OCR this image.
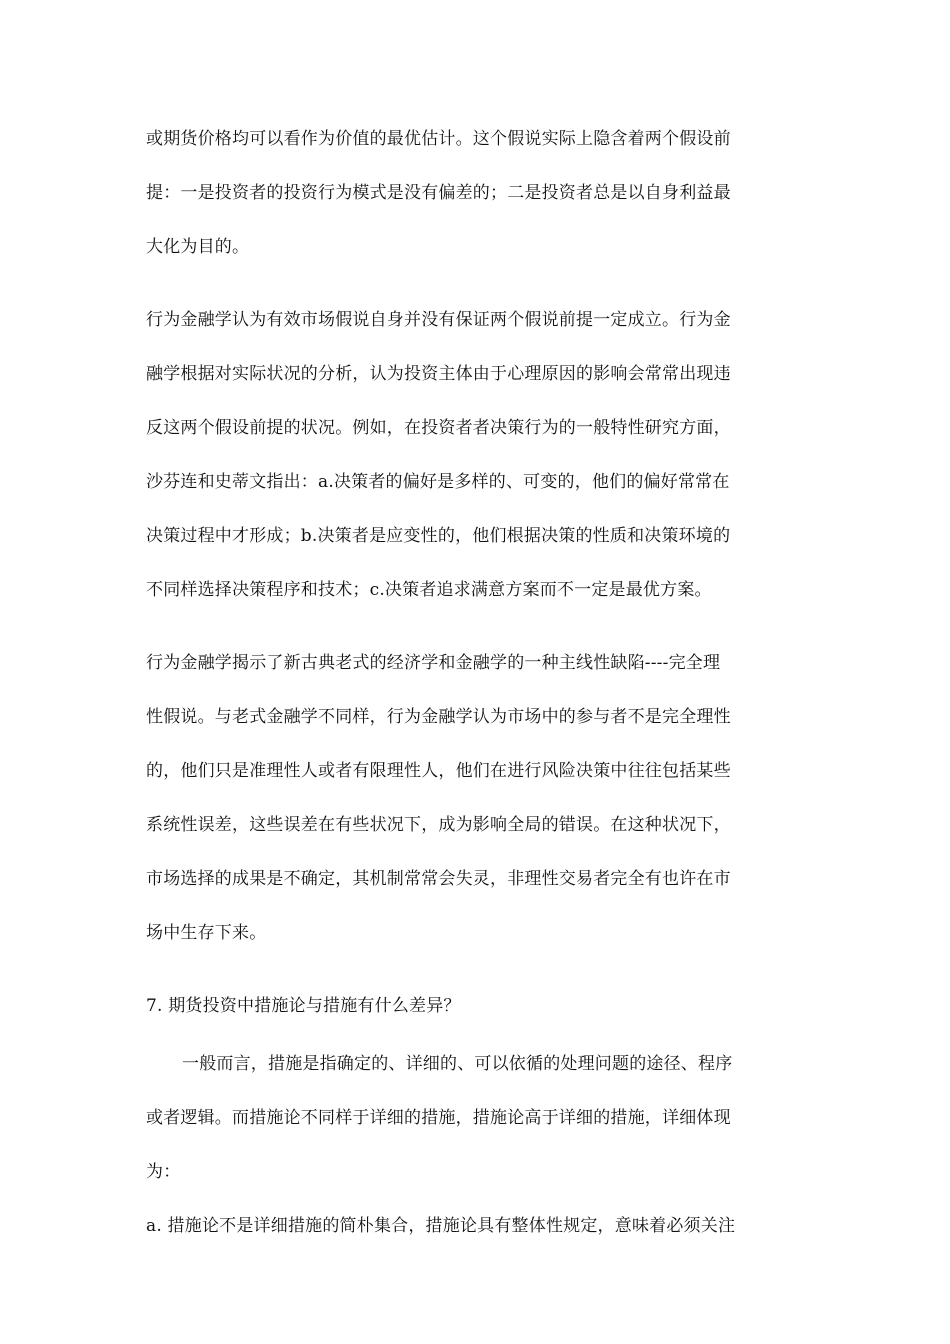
或期货价格均可以看作为价值的最优估计。这个假说实际上隐含着两个假设前
提：一是投资者的投资行为模式是没有偏差的；二是投资者总是以自身利益最
大化为目的。
行为金融学认为有效市场假说自身并没有保证两个假说前提一定成立。行为金
融学根据对实际状况的分析，认为投资主体由于心理原因的影响会常常出现违
反这两个假设前提的状况。例如，在投资者者决策行为的一般特性研究方面，
沙芬连和史蒂文指出：a.决策者的偏好是多样的、可变的，他们的偏好常常在
决策过程中才形成；b.决策者是应变性的，他们根据决策的性质和决策环境的
不同样选择决策程序和技术；c.决策者追求满意方案而不一定是最优方案。
行为金融学揭示了新古典老式的经济学和金融学的一种主线性缺陷----完全理
性假说。与老式金融学不同样，行为金融学认为市场中的参与者不是完全理性
的，他们只是准理性人或者有限理性人，他们在进行风险决策中往往包括某些
系统性误差，这些误差在有些状况下，成为影响全局的错误。在这种状况下，
市场选择的成果是不确定，其机制常常会失灵，非理性交易者完全有也许在市
场中生存下来。
7. 期货投资中措施论与措施有什么差异？
一般而言，措施是指确定的、详细的、可以依循的处理问题的途径、程序
或者逻辑。而措施论不同样于详细的措施，措施论高于详细的措施，详细体现
为：
a. 措施论不是详细措施的简朴集合，措施论具有整体性规定，意味着必须关注
